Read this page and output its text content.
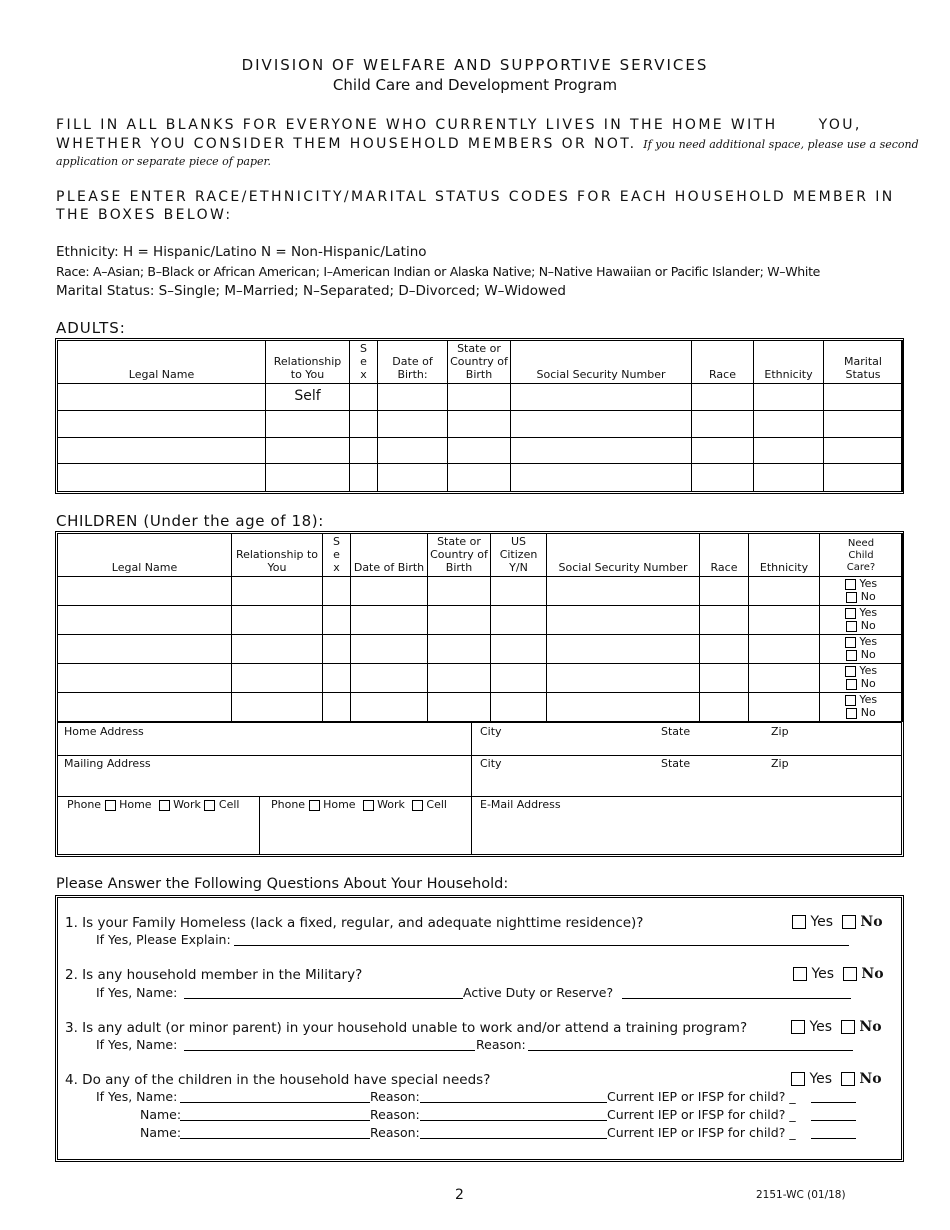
DIVISION OF WELFARE AND SUPPORTIVE SERVICES
Child Care and Development Program
FILL IN ALL BLANKS FOR EVERYONE WHO CURRENTLY LIVES IN THE HOME WITH      YOU,
WHETHER YOU CONSIDER THEM HOUSEHOLD MEMBERS OR NOT. If you need additional space, please use a second
application or separate piece of paper.
PLEASE ENTER RACE/ETHNICITY/MARITAL STATUS CODES FOR EACH HOUSEHOLD MEMBER IN
THE BOXES BELOW:
Ethnicity: H = Hispanic/Latino N = Non-Hispanic/Latino
Race: A–Asian; B–Black or African American; I–American Indian or Alaska Native; N–Native Hawaiian or Pacific Islander; W–White
Marital Status: S–Single; M–Married; N–Separated; D–Divorced; W–Widowed
ADULTS:
Legal Name	Relationship to You	S e x	Date of Birth:	State or Country of Birth	Social Security Number	Race	Ethnicity	Marital Status
	Self							

CHILDREN (Under the age of 18):
Legal Name	Relationship to You	S e x	Date of Birth	State or Country of Birth	US Citizen Y/N	Social Security Number	Race	Ethnicity	Need Child Care?

									Yes
No

									Yes
No

									Yes
No

									Yes
No

									Yes
No
Home Address	City	State	Zip
Mailing Address	City	State	Zip
Phone Home Work Cell	Phone Home Work Cell	E-Mail Address
Please Answer the Following Questions About Your Household:
1. Is your Family Homeless (lack a fixed, regular, and adequate nighttime residence)?	Yes No
If Yes, Please Explain:
2. Is any household member in the Military?	Yes No
If Yes, Name:	Active Duty or Reserve?
3. Is any adult (or minor parent) in your household unable to work and/or attend a training program?	Yes No
If Yes, Name:	Reason:
4. Do any of the children in the household have special needs?	Yes No
If Yes, Name:	Reason:	Current IEP or IFSP for child? _
Name:	Reason:	Current IEP or IFSP for child? _
Name:	Reason:	Current IEP or IFSP for child? _
2	2151-WC (01/18)
